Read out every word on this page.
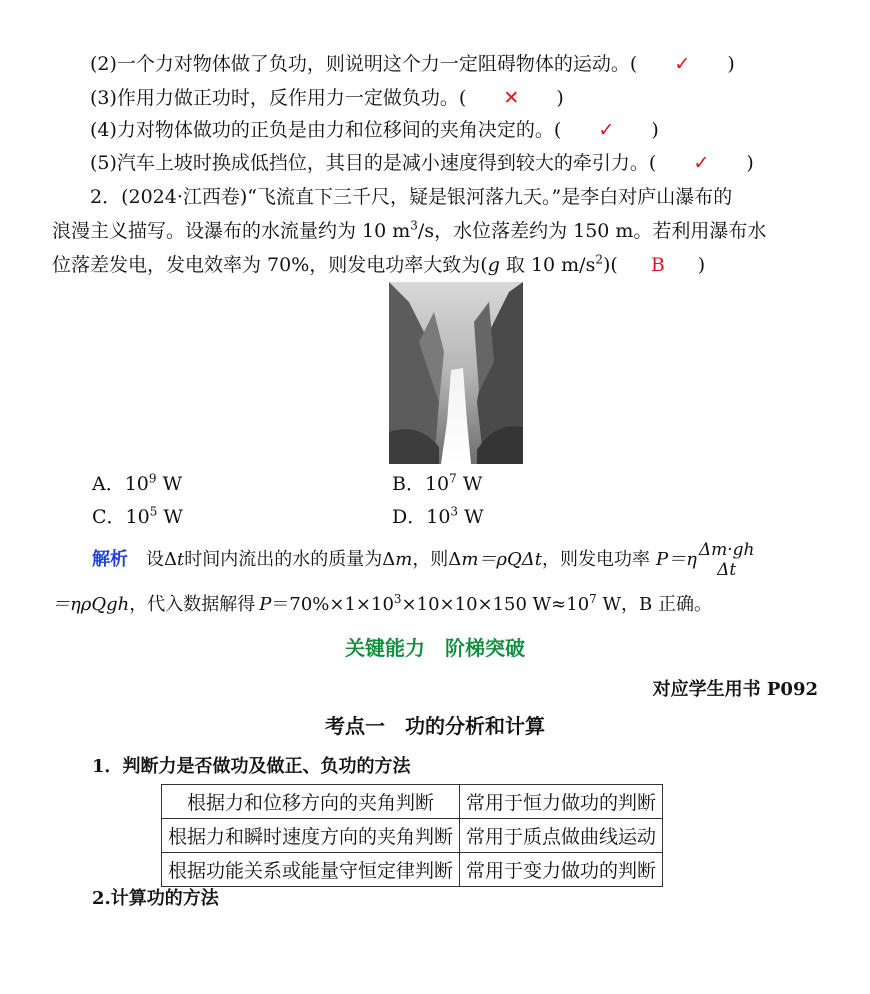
(2)一个力对物体做了负功，则说明这个力一定阻碍物体的运动。( ✓ )
(3)作用力做正功时，反作用力一定做负功。( ✕ )
(4)力对物体做功的正负是由力和位移间的夹角决定的。( ✓ )
(5)汽车上坡时换成低挡位，其目的是减小速度得到较大的牵引力。( ✓ )
2．(2024·江西卷)“飞流直下三千尺，疑是银河落九天。”是李白对庐山瀑布的
浪漫主义描写。设瀑布的水流量约为 10 $m^3/s$，水位落差约为 150 m。若利用瀑布水
位落差发电，发电效率为 70%，则发电功率大致为(g 取 10 $m/s^2$)( B )
A．$10^9$ W	B．$10^7$ W
C．$10^5$ W	D．$10^3$ W
解析 设Δt时间内流出的水的质量为Δm，则Δm＝ρQΔt，则发电功率 P＝η Δm·gh
Δt
＝ηρQgh，代入数据解得 $P=70\%\times 1\times 10^3\times 10\times 10\times 150$ $W\approx 10^7$ W，B 正确。
关键能力　阶梯突破
对应学生用书 P092
考点一　功的分析和计算
1．判断力是否做功及做正、负功的方法
根据力和位移方向的夹角判断	常用于恒力做功的判断
根据力和瞬时速度方向的夹角判断	常用于质点做曲线运动
根据功能关系或能量守恒定律判断	常用于变力做功的判断
2.计算功的方法
